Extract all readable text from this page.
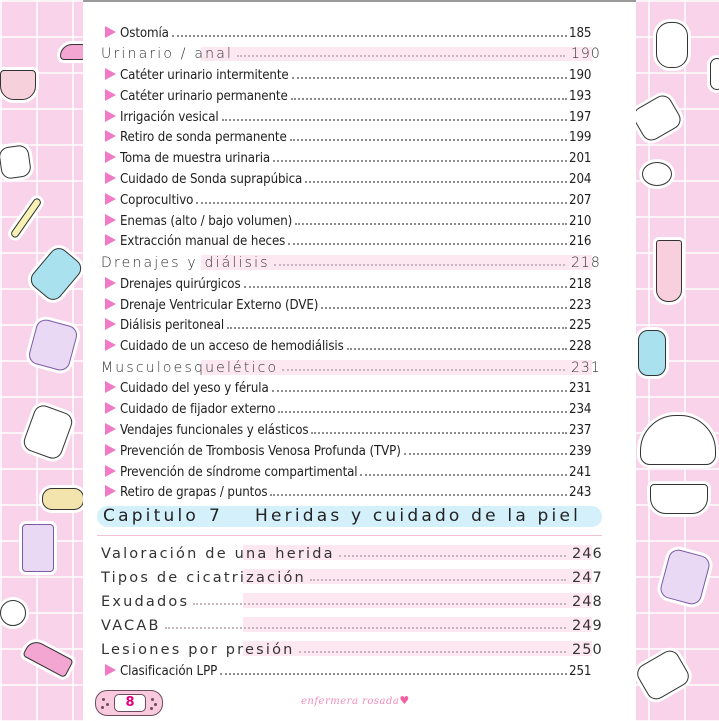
Ostomía	185
Urinario / anal	190
Catéter urinario intermitente	190
Catéter urinario permanente	193
Irrigación vesical	197
Retiro de sonda permanente	199
Toma de muestra urinaria	201
Cuidado de Sonda suprapúbica	204
Coprocultivo	207
Enemas (alto / bajo volumen)	210
Extracción manual de heces	216
Drenajes y diálisis	218
Drenajes quirúrgicos	218
Drenaje Ventricular Externo (DVE)	223
Diálisis peritoneal	225
Cuidado de un acceso de hemodiálisis	228
Musculoesquelético	231
Cuidado del yeso y férula	231
Cuidado de fijador externo	234
Vendajes funcionales y elásticos	237
Prevención de Trombosis Venosa Profunda (TVP)	239
Prevención de síndrome compartimental	241
Retiro de grapas / puntos	243
Capitulo 7 Heridas y cuidado de la piel
Valoración de una herida	246
Tipos de cicatrización	247
Exudados	248
VACAB	249
Lesiones por presión	250
Clasificación LPP	251
8	enfermera rosada♥
